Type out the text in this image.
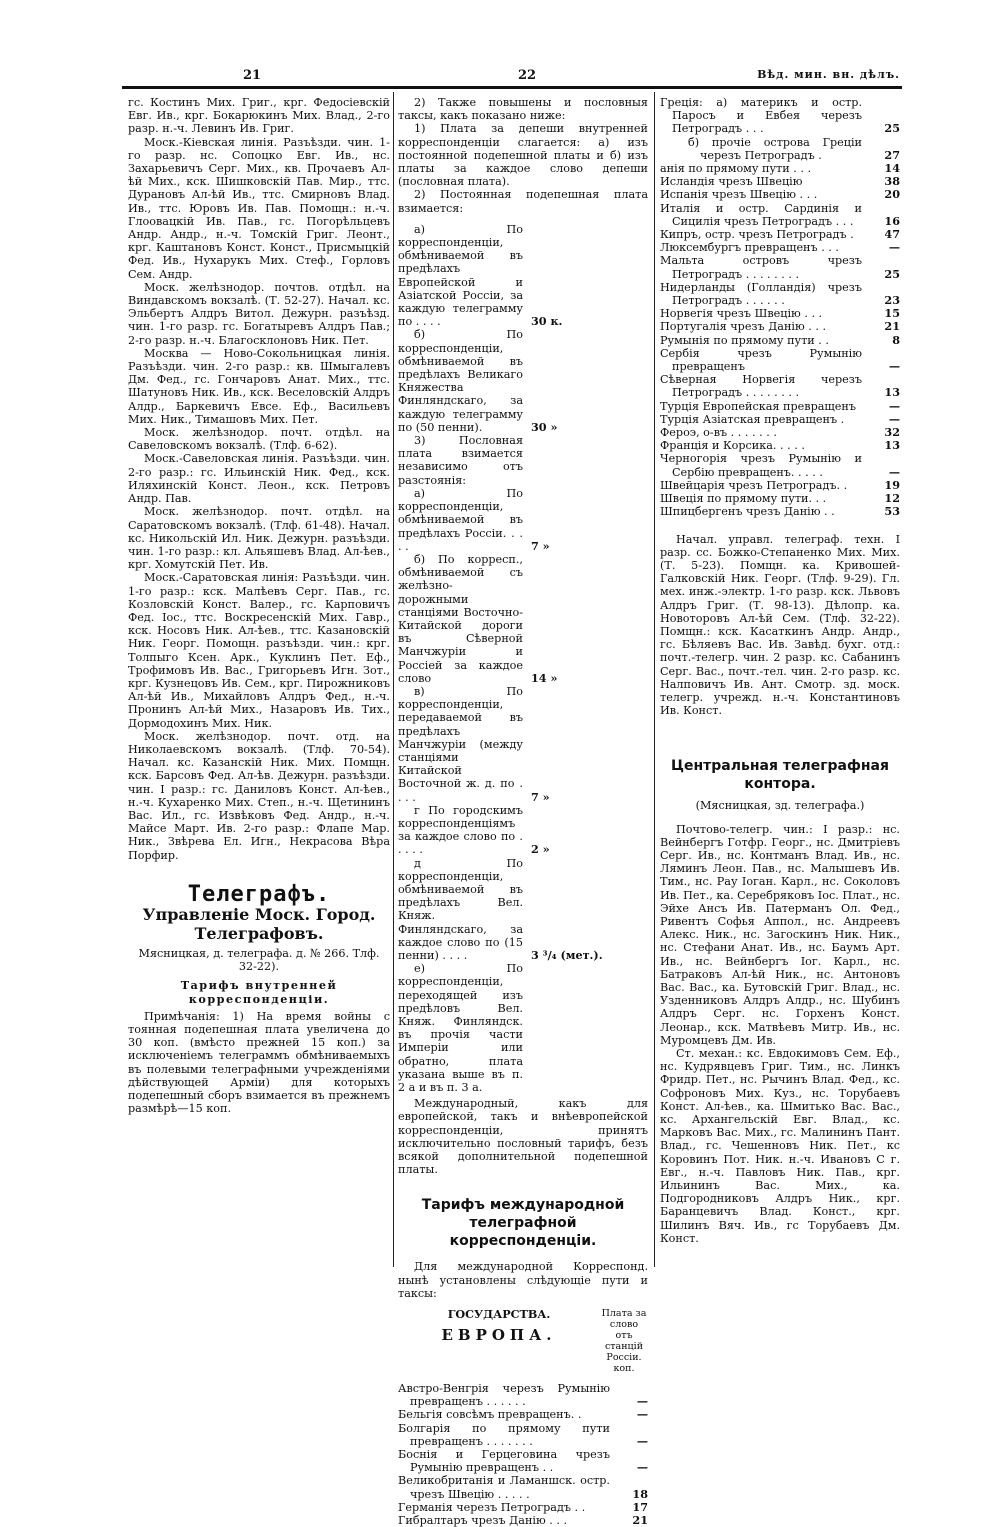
21	22	Вѣд. мин. вн. дѣлъ.

гс. Костинъ Мих. Григ., крг. Федосіевскій Евг. Ив., крг. Бокарюкинъ Мих. Влад., 2-го разр. н.-ч. Левинъ Ив. Григ.

Моск.-Кіевская линія. Разъѣзди. чин. 1-го разр. нс. Сопоцко Евг. Ив., нс. Захарьевичъ Серг. Мих., кв. Прочаевъ Ал-ѣй Мих., кск. Шишковскій Пав. Мир., ттс. Дурановъ Ал-ѣй Ив., ттс. Смирновъ Влад. Ив., ттс. Юровъ Ив. Пав. Помощн.: н.-ч. Глоовацкій Ив. Пав., гс. Погорѣльцевъ Андр. Андр., н.-ч. Томскій Григ. Леонт., крг. Каштановъ Конст. Конст., Присмыцкій Фед. Ив., Нухарукъ Мих. Стеф., Горловъ Сем. Андр.

Моск. желѣзнодор. почтов. отдѣл. на Виндавскомъ вокзалѣ. (Т. 52-27). Начал. кс. Эльбертъ Алдръ Витол. Дежурн. разъѣзд. чин. 1-го разр. гс. Богатыревъ Алдръ Пав.; 2-го разр. н.-ч. Благосклоновъ Ник. Пет.

Москва — Ново-Сокольницкая линія. Разъѣзди. чин. 2-го разр.: кв. Шмыгалевъ Дм. Фед., гс. Гончаровъ Анат. Мих., ттс. Шатуновъ Ник. Ив., кск. Веселовскій Алдръ Алдр., Баркевичъ Евсе. Еф., Васильевъ Мих. Ник., Тимашовъ Мих. Пет.

Моск. желѣзнодор. почт. отдѣл. на Савеловскомъ вокзалѣ. (Тлф. 6-62).

Моск.-Савеловская линія. Разъѣзди. чин. 2-го разр.: гс. Ильинскій Ник. Фед., кск. Иляхинскій Конст. Леон., кск. Петровъ Андр. Пав.

Моск. желѣзнодор. почт. отдѣл. на Саратовскомъ вокзалѣ. (Тлф. 61-48). Начал. кс. Никольскій Ил. Ник. Дежурн. разъѣзди. чин. 1-го разр.: кл. Альяшевъ Влад. Ал-ѣев., крг. Хомутскій Пет. Ив.

Моск.-Саратовская линія: Разъѣзди. чин. 1-го разр.: кск. Малѣевъ Серг. Пав., гс. Козловскій Конст. Валер., гс. Карповичъ Фед. Іос., ттс. Воскресенскій Мих. Гавр., кск. Носовъ Ник. Ал-ѣев., ттс. Казановскій Ник. Георг. Помощн. разъѣзди. чин.: крг. Толпыго Ксен. Арк., Куклинъ Пет. Еф., Трофимовъ Ив. Вас., Григорьевъ Игн. Зот., крг. Кузнецовъ Ив. Сем., крг. Пирожниковъ Ал-ѣй Ив., Михайловъ Алдръ Фед., н.-ч. Пронинъ Ал-ѣй Мих., Назаровъ Ив. Тих., Дормодохинъ Мих. Ник.

Моск. желѣзнодор. почт. отд. на Николаевскомъ вокзалѣ. (Тлф. 70-54). Начал. кс. Казанскій Ник. Мих. Помщн. кск. Барсовъ Фед. Ал-ѣв. Дежурн. разъѣзди. чин. I разр.: гс. Даниловъ Конст. Ал-ѣев., н.-ч. Кухаренко Мих. Степ., н.-ч. Щетининъ Вас. Ил., гс. Извѣковъ Фед. Андр., н.-ч. Майсе Март. Ив. 2-го разр.: Флапе Мар. Ник., Звѣрева Ел. Игн., Некрасова Вѣра Порфир.

Телеграфъ.
Управленіе Моск. Город. Телеграфовъ.

Мясницкая, д. телеграфа. д. № 266. Тлф. 32-22).

Тарифъ внутренней корреспонденціи.

Примѣчанія: 1) На время войны с тоянная подепешная плата увеличена до 30 коп. (вмѣсто прежней 15 коп.) за исключеніемъ телеграммъ обмѣниваемыхъ въ полевыми телеграфными учрежденіями дѣйствующей Арміи) для которыхъ подепешный сборъ взимается въ прежнемъ размѣрѣ—15 коп.

2) Также повышены и пословныя таксы, какъ показано ниже:

1) Плата за депеши внутренней корреспонденціи слагается: а) изъ постоянной подепешной платы и б) изъ платы за каждое слово депеши (пословная плата).

2) Постоянная подепешная плата взимается:

а) По корреспонденціи, обмѣниваемой въ предѣлахъ Европейской и Азіатской Россіи, за каждую телеграмму по . . . .	30 к.
б) По корреспонденціи, обмѣниваемой въ предѣлахъ Великаго Княжества Финляндскаго, за каждую телеграмму по (50 пенни).	30 »
3) Пословная плата взимается независимо отъ разстоянія:
а) По корреспонденціи, обмѣниваемой въ предѣлахъ Россіи. . . . .	7 »
б) По корресп., обмѣниваемой съ желѣзно-дорожными станціями Восточно-Китайской дороги въ Сѣверной Манчжуріи и Россіей за каждое слово	14 »
в) По корреспонденціи, передаваемой въ предѣлахъ Манчжуріи (между станціями Китайской Восточной ж. д. по . . . .	7 »
г По городскимъ корреспонденціямъ за каждое слово по . . . . .	2 »
д По корреспонденціи, обмѣниваемой въ предѣлахъ Вел. Княж. Финляндскаго, за каждое слово по (15 пенни) . . . .	3 ³/₄ (мет.).
е) По корреспонденціи, переходящей изъ предѣловъ Вел. Княж. Финляндск. въ прочія части Имперіи или обратно, плата указана выше въ п. 2 а и въ п. 3 а.

Международный, какъ для европейской, такъ и внѣевропейской корреспонденціи, принятъ исключительно пословный тарифъ, безъ всякой дополнительной подепешной платы.

Тарифъ международной телеграфной корреспонденціи.

Для международной Корреспонд. нынѣ установлены слѣдующіе пути и таксы:

ГОСУДАРСТВА.
ЕВРОПА.
Плата за слово отъ станцій Россіи. коп.
Австро-Венгрія черезъ Румынію превращенъ . . . . . .	—
Бельгія совсѣмъ превращенъ. .	—
Болгарія по прямому пути превращенъ . . . . . . .	—
Боснія и Герцеговина чрезъ Румынію превращенъ . .	—
Великобританія и Ламаншск. остр. чрезъ Швецію . . . . .	18
Германія черезъ Петроградъ . .	17
Гибралтаръ чрезъ Данію . . .	21
Греція: а) материкъ и остр. Паросъ и Евбея черезъ Петроградъ . . .	25
б) прочіе острова Греціи черезъ Петроградъ .	27
анія по прямому пути . . .	14
Исландія чрезъ Швецію	38
Испанія чрезъ Швецію . . .	20
Италія и остр. Сардинія и Сицилія чрезъ Петроградъ . . .	16
Кипръ, остр. чрезъ Петроградъ .	47
Люксембургъ превращенъ . . .	—
Мальта островъ чрезъ Петроградъ . . . . . . . .	25
Нидерланды (Голландія) чрезъ Петроградъ . . . . . .	23
Норвегія чрезъ Швецію . . .	15
Португалія чрезъ Данію . . .	21
Румынія по прямому пути . .	8
Сербія чрезъ Румынію превращенъ	—
Сѣверная Норвегія черезъ Петроградъ . . . . . . . .	13
Турція Европейская превращенъ	—
Турція Азіатская превращенъ .	—
Фероэ, о-въ . . . . . . .	32
Франція и Корсика. . . . .	13
Черногорія чрезъ Румынію и Сербію превращенъ. . . . .	—
Швейцарія чрезъ Петроградъ. .	19
Швеція по прямому пути. . .	12
Шпицбергенъ чрезъ Данію . .	53

Начал. управл. телеграф. техн. I разр. сс. Божко-Степаненко Мих. Мих. (Т. 5-23). Помщн. ка. Кривошей-Галковскій Ник. Георг. (Тлф. 9-29). Гл. мех. инж.-электр. 1-го разр. кск. Львовъ Алдръ Григ. (Т. 98-13). Дѣлопр. ка. Новоторовъ Ал-ѣй Сем. (Тлф. 32-22). Помщн.: кск. Касаткинъ Андр. Андр., гс. Бѣляевъ Вас. Ив. Завѣд. бухг. отд.: почт.-телегр. чин. 2 разр. кс. Сабанинъ Серг. Вас., почт.-тел. чин. 2-го разр. кс. Налповичъ Ив. Ант. Смотр. зд. моск. телегр. учрежд. н.-ч. Константиновъ Ив. Конст.

Центральная телеграфная контора.

(Мясницкая, зд. телеграфа.)

Почтово-телегр. чин.: I разр.: нс. Вейнбергъ Готфр. Георг., нс. Дмитріевъ Серг. Ив., нс. Контманъ Влад. Ив., нс. Ляминъ Леон. Пав., нс. Малышевъ Ив. Тим., нс. Рау Іоган. Карл., нс. Соколовъ Ив. Пет., ка. Серебряковъ Іос. Плат., нс. Эйхе Ансъ Ив. Патерманъ Ол. Фед., Ривентъ Софья Аппол., нс. Андреевъ Алекс. Ник., нс. Загоскинъ Ник. Ник., нс. Стефани Анат. Ив., нс. Баумъ Арт. Ив., нс. Вейнбергъ Іог. Карл., нс. Батраковъ Ал-ѣй Ник., нс. Антоновъ Вас. Вас., ка. Бутовскій Григ. Влад., нс. Узденниковъ Алдръ Алдр., нс. Шубинъ Алдръ Серг. нс. Горхенъ Конст. Леонар., кск. Матвѣевъ Митр. Ив., нс. Муромцевъ Дм. Ив.

Ст. механ.: кс. Евдокимовъ Сем. Еф., нс. Кудрявцевъ Григ. Тим., нс. Линкъ Фридр. Пет., нс. Рычинъ Влад. Фед., кс. Софроновъ Мих. Куз., нс. Торубаевъ Конст. Ал-ѣев., ка. Шмитько Вас. Вас., кс. Архангельскій Евг. Влад., кс. Марковъ Вас. Мих., гс. Малининъ Пант. Влад., гс. Чешенновъ Ник. Пет., кс Коровинъ Пот. Ник. н.-ч. Ивановъ С г. Евг., н.-ч. Павловъ Ник. Пав., крг. Ильининъ Вас. Мих., ка. Подгородниковъ Алдръ Ник., крг. Баранцевичъ Влад. Конст., крг. Шилинъ Вяч. Ив., гс Торубаевъ Дм. Конст.
